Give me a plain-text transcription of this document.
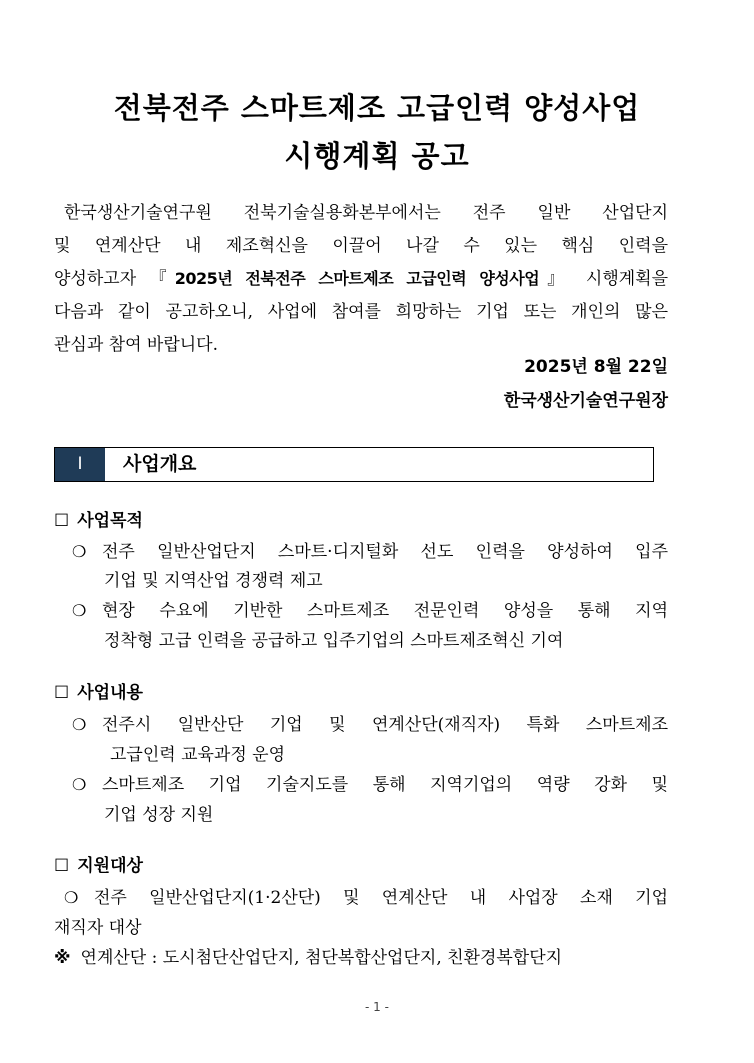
전북전주 스마트제조 고급인력 양성사업
시행계획 공고
한국생산기술연구원 전북기술실용화본부에서는 전주 일반 산업단지
및 연계산단 내 제조혁신을 이끌어 나갈 수 있는 핵심 인력을
양성하고자 『2025년 전북전주 스마트제조 고급인력 양성사업』 시행계획을
다음과 같이 공고하오니, 사업에 참여를 희망하는 기업 또는 개인의 많은
관심과 참여 바랍니다.
2025년 8월 22일
한국생산기술연구원장
Ⅰ	사업개요
☐ 사업목적
❍ 전주 일반산업단지 스마트·디지털화 선도 인력을 양성하여 입주
기업 및 지역산업 경쟁력 제고
❍ 현장 수요에 기반한 스마트제조 전문인력 양성을 통해 지역
정착형 고급 인력을 공급하고 입주기업의 스마트제조혁신 기여
☐ 사업내용
❍ 전주시 일반산단 기업 및 연계산단(재직자) 특화 스마트제조
고급인력 교육과정 운영
❍ 스마트제조 기업 기술지도를 통해 지역기업의 역량 강화 및
기업 성장 지원
☐ 지원대상
❍ 전주 일반산업단지(1·2산단) 및 연계산단 내 사업장 소재 기업
재직자 대상
※ 연계산단 : 도시첨단산업단지, 첨단복합산업단지, 친환경복합단지
- 1 -
